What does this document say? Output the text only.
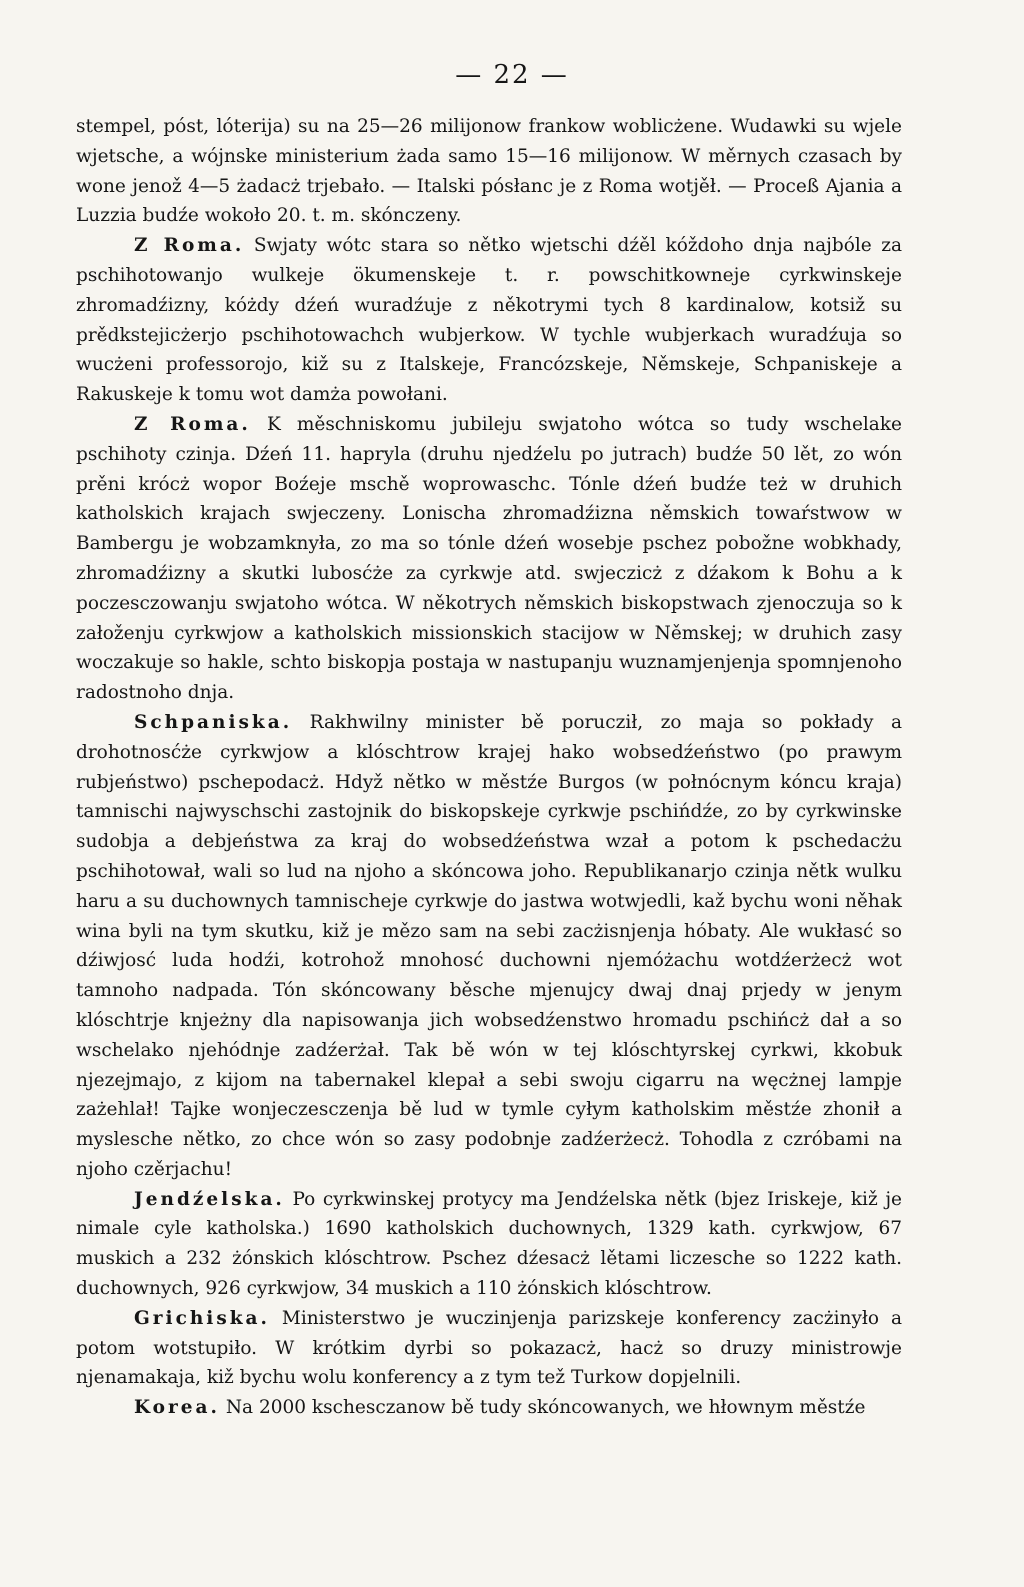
— 22 —

stempel, póst, lóterija) su na 25—26 milijonow frankow woblicżene. Wudawki su wjele wjetsche, a wójnske ministerium żada samo 15—16 milijonow. W měrnych czasach by wone jenož 4—5 żadacż trjebało. — Italski pósłanc je z Roma wotjěł. — Proceß Ajania a Luzzia budźe wokoło 20. t. m. skónczeny.

Z Roma. Swjaty wótc stara so nětko wjetschi dźěl kóždoho dnja najbóle za pschihotowanjo wulkeje ökumenskeje t. r. powschitkowneje cyrkwinskeje zhromadźizny, kóżdy dźeń wuradźuje z někotrymi tych 8 kardinalow, kotsiž su prědkstejicżerjo pschihotowachch wubjerkow. W tychle wubjerkach wuradźuja so wucżeni professorojo, kiž su z Italskeje, Francózskeje, Němskeje, Schpaniskeje a Rakuskeje k tomu wot damża powołani.

Z Roma. K měschniskomu jubileju swjatoho wótca so tudy wschelake pschihoty czinja. Dźeń 11. hapryla (druhu njedźelu po jutrach) budźe 50 lět, zo wón prěni krócż wopor Boźeje mschě woprowaschc. Tónle dźeń budźe też w druhich katholskich krajach swjeczeny. Lonischa zhromadźizna němskich towaŕstwow w Bambergu je wobzamknyła, zo ma so tónle dźeń wosebje pschez pobožne wobkhady, zhromadźizny a skutki lubosćże za cyrkwje atd. swjeczicż z dźakom k Bohu a k poczesczowanju swjatoho wótca. W někotrych němskich biskopstwach zjenoczuja so k załoženju cyrkwjow a katholskich missionskich stacijow w Němskej; w druhich zasy woczakuje so hakle, schto biskopja postaja w nastupanju wuznamjenjenja spomnjenoho radostnoho dnja.

Schpaniska. Rakhwilny minister bě porucził, zo maja so pokłady a drohotnosćże cyrkwjow a klóschtrow krajej hako wobsedźeństwo (po prawym rubjeństwo) pschepodacż. Hdyž nětko w městźe Burgos (w połnócnym kóncu kraja) tamnischi najwyschschi zastojnik do biskopskeje cyrkwje pschińdźe, zo by cyrkwinske sudobja a debjeństwa za kraj do wobsedźeństwa wzał a potom k pschedacżu pschihotował, wali so lud na njoho a skóncowa joho. Republikanarjo czinja nětk wulku haru a su duchownych tamnischeje cyrkwje do jastwa wotwjedli, kaž bychu woni něhak wina byli na tym skutku, kiž je mězo sam na sebi zacżisnjenja hóbaty. Ale wukłasć so dźiwjosć luda hodźi, kotrohož mnohosć duchowni njemóżachu wotdźerżecż wot tamnoho nadpada. Tón skóncowany běsche mjenujcy dwaj dnaj prjedy w jenym klóschtrje knjeżny dla napisowanja jich wobsedźenstwo hromadu pschińcż dał a so wschelako njehódnje zadźerżał. Tak bě wón w tej klóschtyrskej cyrkwi, kkobuk njezejmajo, z kijom na tabernakel klepał a sebi swoju cigarru na węcżnej lampje zażehlał! Tajke wonjeczesczenja bě lud w tymle cyłym katholskim městźe zhonił a myslesche nětko, zo chce wón so zasy podobnje zadźerżecż. Tohodla z czróbami na njoho czěrjachu!

Jendźelska. Po cyrkwinskej protycy ma Jendźelska nětk (bjez Iriskeje, kiž je nimale cyle katholska.) 1690 katholskich duchownych, 1329 kath. cyrkwjow, 67 muskich a 232 żónskich klóschtrow. Pschez dźesacż lětami liczesche so 1222 kath. duchownych, 926 cyrkwjow, 34 muskich a 110 żónskich klóschtrow.

Grichiska. Ministerstwo je wuczinjenja parizskeje konferency zacżinyło a potom wotstupiło. W krótkim dyrbi so pokazacż, hacż so druzy ministrowje njenamakaja, kiž bychu wolu konferency a z tym tež Turkow dopjelnili.

Korea. Na 2000 kschesczanow bě tudy skóncowanych, we hłownym městźe
